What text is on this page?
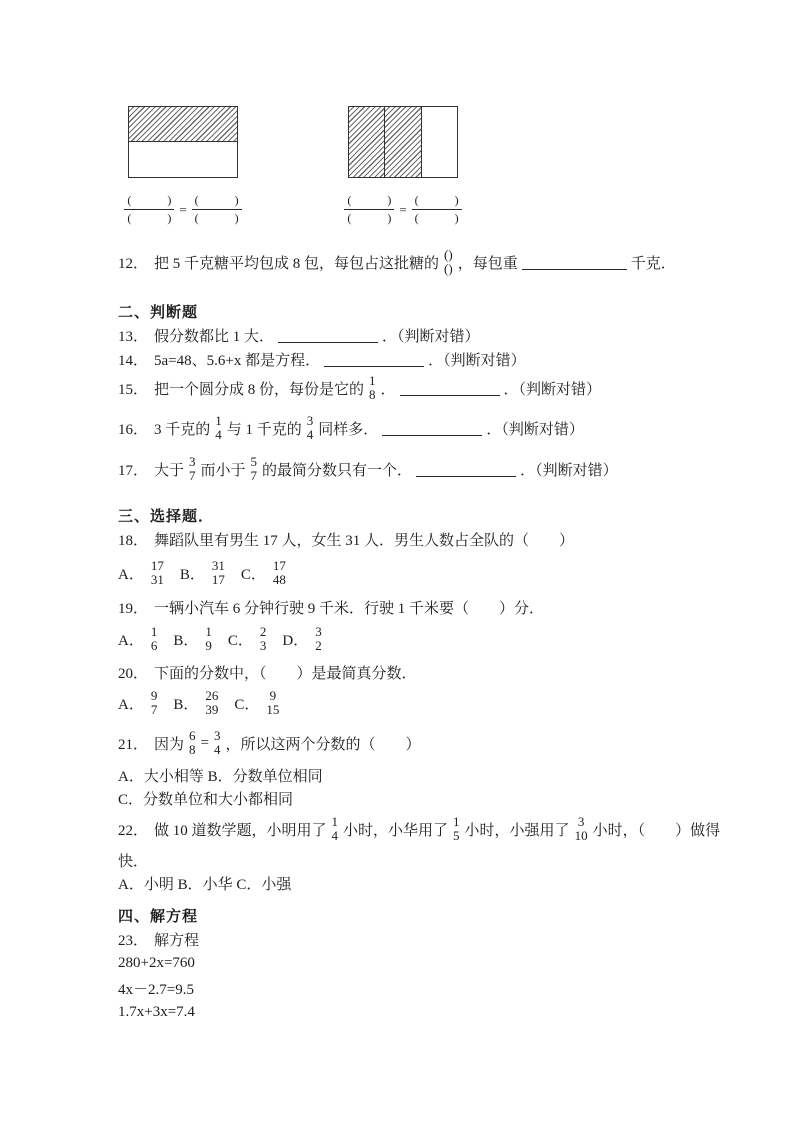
(            )
(            )
=
(            )
(            )
(            )
(            )
=
(            )
(            )
12． 把 5 千克糖平均包成 8 包，每包占这批糖的
()
() ，每包重	千克．
二、判断题
13． 假分数都比 1 大．	．（判断对错）
14． 5a=48、5.6+x 都是方程．	．（判断对错）
15． 把一个圆分成 8 份，每份是它的
1
8 ．	．（判断对错）
16． 3 千克的
1
4 与 1 千克的
3
4 同样多．	．（判断对错）
17． 大于
3
7 而小于
5
7 的最简分数只有一个．	．（判断对错）
三、选择题．
18． 舞蹈队里有男生 17 人，女生 31 人．男生人数占全队的（　　）
A．
17
31 B．
31
17 C．
17
48
19． 一辆小汽车 6 分钟行驶 9 千米．行驶 1 千米要（　　）分．
A．
1
6 B．
1
9 C．
2
3 D．
3
2
20． 下面的分数中，（　　）是最简真分数．
A．
9
7 B．
26
39 C．
9
15
21． 因为
6
8 = 3
4 ，所以这两个分数的（　　）
A．大小相等 B．分数单位相同
C．分数单位和大小都相同
22． 做 10 道数学题，小明用了
1
4 小时，小华用了
1
5 小时，小强用了
3
10 小时，（　　）做得
快．
A．小明 B．小华 C．小强
四、解方程
23． 解方程
280+2x=760
4x－2.7=9.5
1.7x+3x=7.4
